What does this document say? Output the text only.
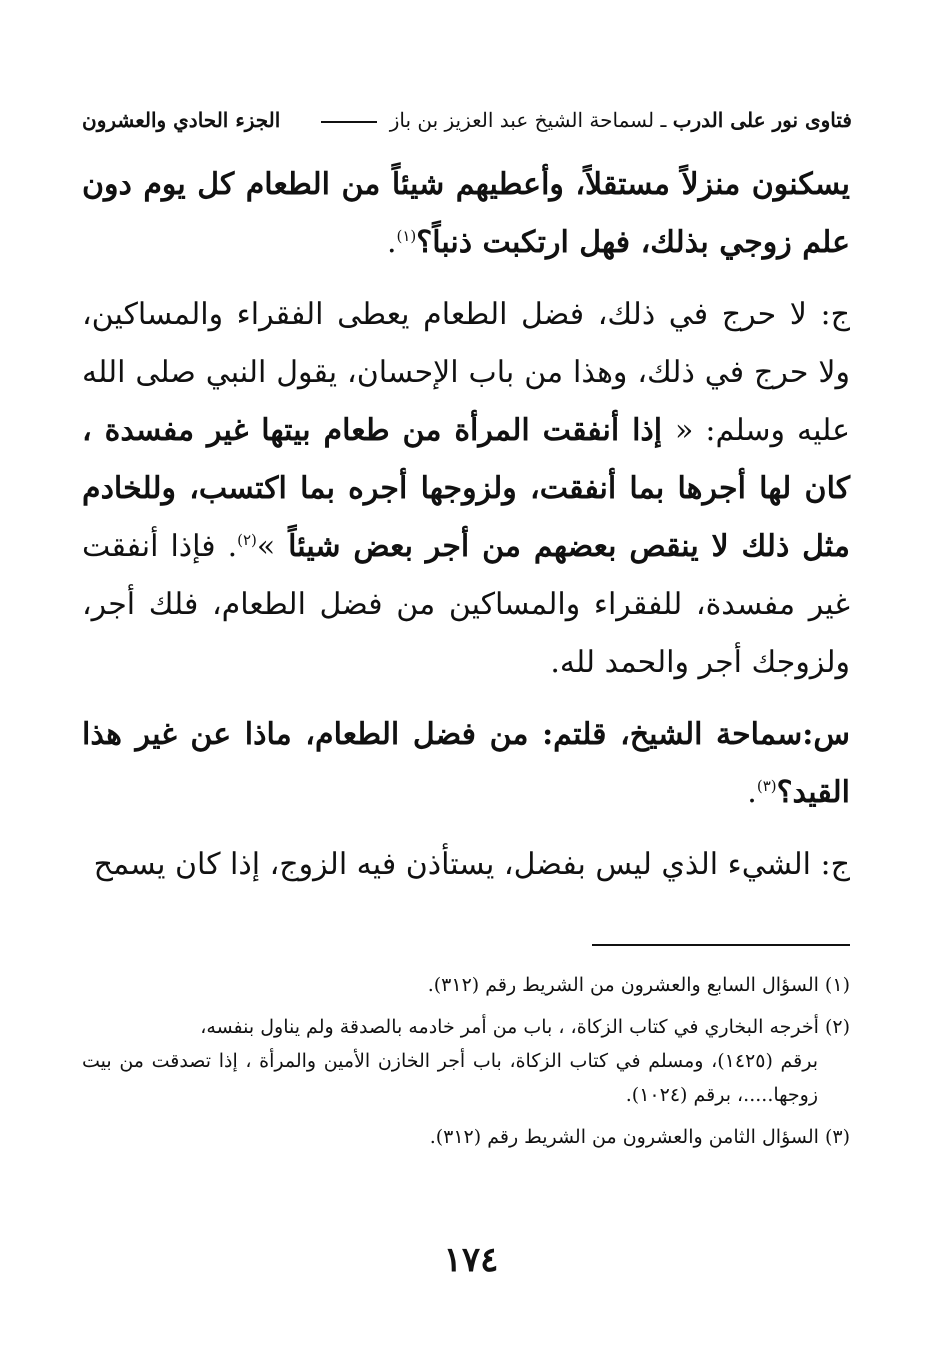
فتاوى نور على الدرب ـ لسماحة الشيخ عبد العزيز بن باز
الجزء الحادي والعشرون

يسكنون منزلاً مستقلاً، وأعطيهم شيئاً من الطعام كل يوم دون علم زوجي بذلك، فهل ارتكبت ذنباً؟$^{(١)}$.

ج: لا حرج في ذلك، فضل الطعام يعطى الفقراء والمساكين، ولا حرج في ذلك، وهذا من باب الإحسان، يقول النبي صلى الله عليه وسلم: « إذا أنفقت المرأة من طعام بيتها غير مفسدة ، كان لها أجرها بما أنفقت، ولزوجها أجره بما اكتسب، وللخادم مثل ذلك لا ينقص بعضهم من أجر بعض شيئاً »$^{(٢)}$. فإذا أنفقت غير مفسدة، للفقراء والمساكين من فضل الطعام، فلك أجر، ولزوجك أجر والحمد لله.

س:سماحة الشيخ، قلتم: من فضل الطعام، ماذا عن غير هذا القيد؟$^{(٣)}$.

ج: الشيء الذي ليس بفضل، يستأذن فيه الزوج، إذا كان يسمح

(١) السؤال السابع والعشرون من الشريط رقم (٣١٢).

(٢) أخرجه البخاري في كتاب الزكاة، ، باب من أمر خادمه بالصدقة ولم يناول بنفسه،
برقم (١٤٢٥)، ومسلم في كتاب الزكاة، باب أجر الخازن الأمين والمرأة ، إذا تصدقت من بيت زوجها.....، برقم (١٠٢٤).

(٣) السؤال الثامن والعشرون من الشريط رقم (٣١٢).

١٧٤
